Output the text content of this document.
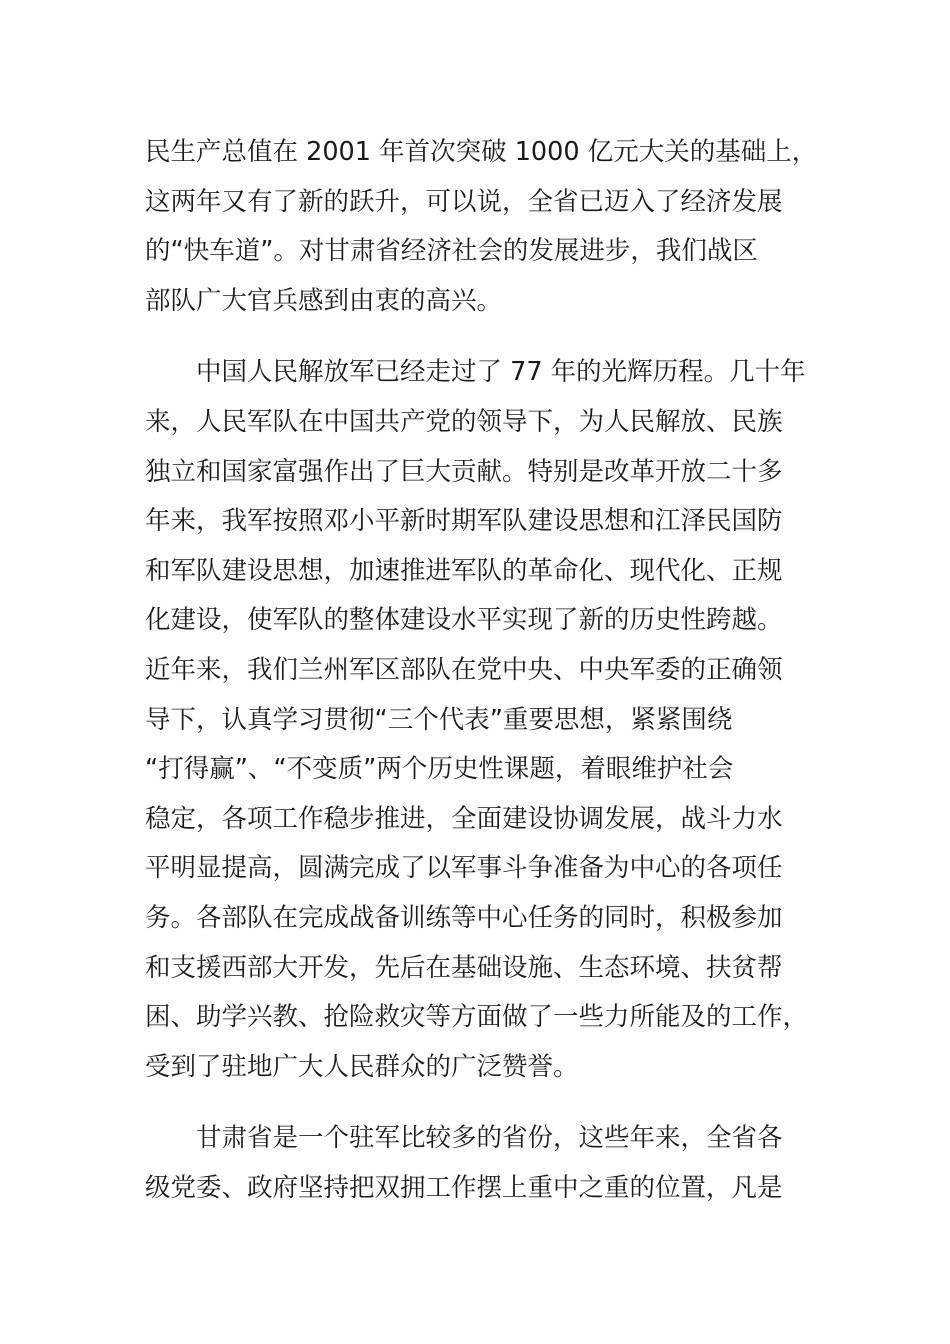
民生产总值在 2001 年首次突破 1000 亿元大关的基础上，
这两年又有了新的跃升，可以说，全省已迈入了经济发展
的“快车道”。对甘肃省经济社会的发展进步，我们战区
部队广大官兵感到由衷的高兴。

　　中国人民解放军已经走过了 77 年的光辉历程。几十年
来，人民军队在中国共产党的领导下，为人民解放、民族
独立和国家富强作出了巨大贡献。特别是改革开放二十多
年来，我军按照邓小平新时期军队建设思想和江泽民国防
和军队建设思想，加速推进军队的革命化、现代化、正规
化建设，使军队的整体建设水平实现了新的历史性跨越。
近年来，我们兰州军区部队在党中央、中央军委的正确领
导下，认真学习贯彻“三个代表”重要思想，紧紧围绕
“打得赢”、“不变质”两个历史性课题，着眼维护社会
稳定，各项工作稳步推进，全面建设协调发展，战斗力水
平明显提高，圆满完成了以军事斗争准备为中心的各项任
务。各部队在完成战备训练等中心任务的同时，积极参加
和支援西部大开发，先后在基础设施、生态环境、扶贫帮
困、助学兴教、抢险救灾等方面做了一些力所能及的工作，
受到了驻地广大人民群众的广泛赞誉。

　　甘肃省是一个驻军比较多的省份，这些年来，全省各
级党委、政府坚持把双拥工作摆上重中之重的位置，凡是
